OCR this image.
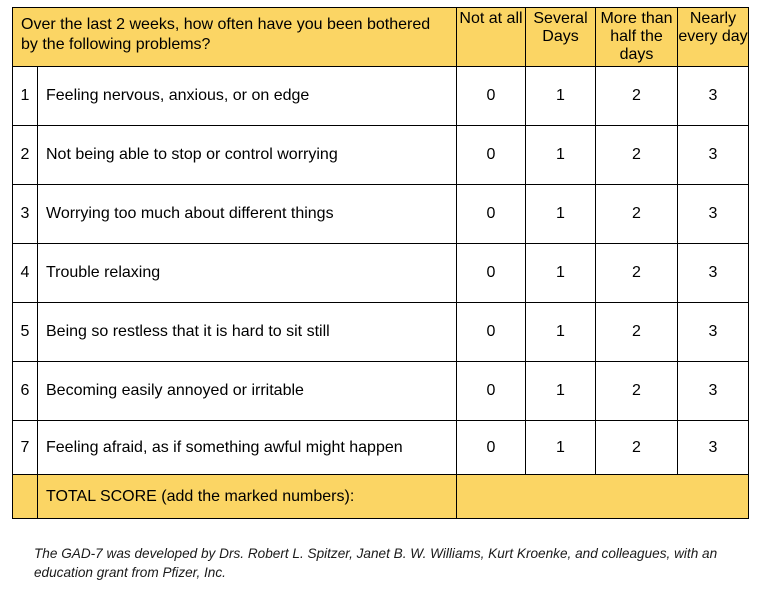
Over the last 2 weeks, how often have you been bothered by the following problems?		Not at all	Several Days	More than half the days	Nearly every day
1	Feeling nervous, anxious, or on edge	0	1	2	3
2	Not being able to stop or control worrying	0	1	2	3
3	Worrying too much about different things	0	1	2	3
4	Trouble relaxing	0	1	2	3
5	Being so restless that it is hard to sit still	0	1	2	3
6	Becoming easily annoyed or irritable	0	1	2	3
7	Feeling afraid, as if something awful might happen	0	1	2	3
	TOTAL SCORE (add the marked numbers):				
The GAD-7 was developed by Drs. Robert L. Spitzer, Janet B. W. Williams, Kurt Kroenke, and colleagues, with an education grant from Pfizer, Inc.
